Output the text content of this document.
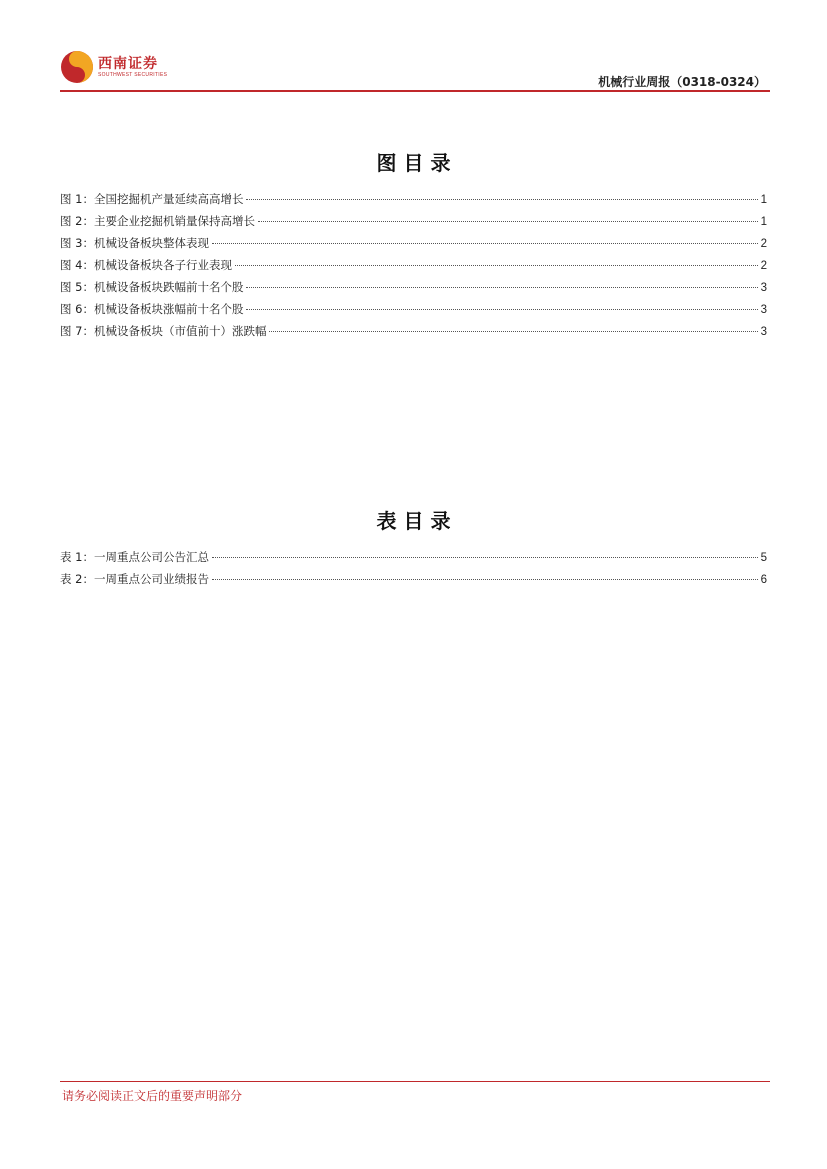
西南证券
SOUTHWEST SECURITIES
机械行业周报（0318-0324）
图 目 录
图 1：全国挖掘机产量延续高高增长	1
图 2：主要企业挖掘机销量保持高增长	1
图 3：机械设备板块整体表现	2
图 4：机械设备板块各子行业表现	2
图 5：机械设备板块跌幅前十名个股	3
图 6：机械设备板块涨幅前十名个股	3
图 7：机械设备板块（市值前十）涨跌幅	3
表 目 录
表 1：一周重点公司公告汇总	5
表 2：一周重点公司业绩报告	6
请务必阅读正文后的重要声明部分
